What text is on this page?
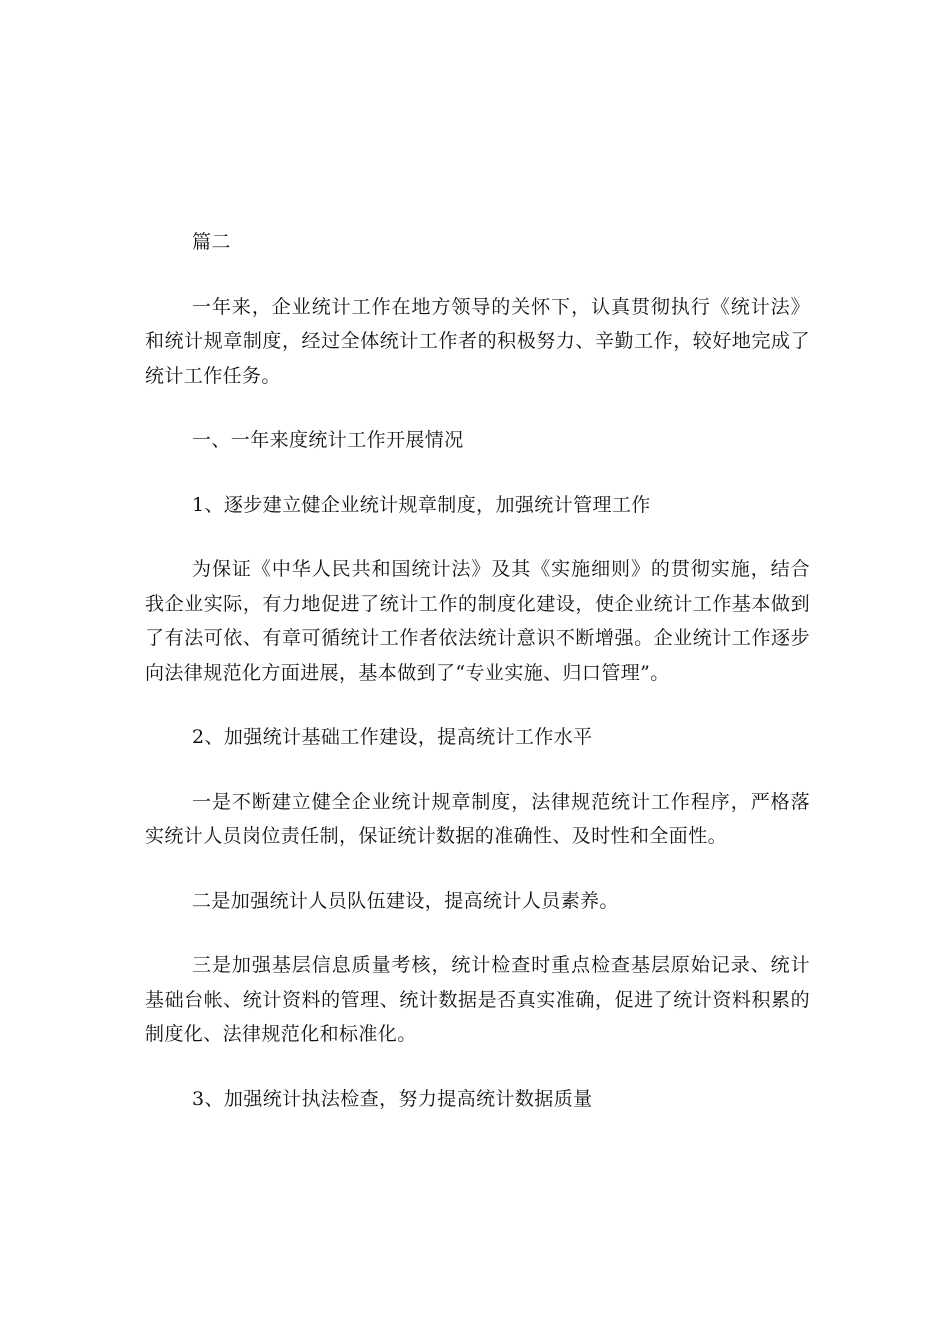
篇二

一年来，企业统计工作在地方领导的关怀下，认真贯彻执行《统计法》和统计规章制度，经过全体统计工作者的积极努力、辛勤工作，较好地完成了统计工作任务。

一、一年来度统计工作开展情况

1、逐步建立健企业统计规章制度，加强统计管理工作

为保证《中华人民共和国统计法》及其《实施细则》的贯彻实施，结合我企业实际，有力地促进了统计工作的制度化建设，使企业统计工作基本做到了有法可依、有章可循统计工作者依法统计意识不断增强。企业统计工作逐步向法律规范化方面进展，基本做到了“专业实施、归口管理”。

2、加强统计基础工作建设，提高统计工作水平

一是不断建立健全企业统计规章制度，法律规范统计工作程序，严格落实统计人员岗位责任制，保证统计数据的准确性、及时性和全面性。

二是加强统计人员队伍建设，提高统计人员素养。

三是加强基层信息质量考核，统计检查时重点检查基层原始记录、统计基础台帐、统计资料的管理、统计数据是否真实准确，促进了统计资料积累的制度化、法律规范化和标准化。

3、加强统计执法检查，努力提高统计数据质量
